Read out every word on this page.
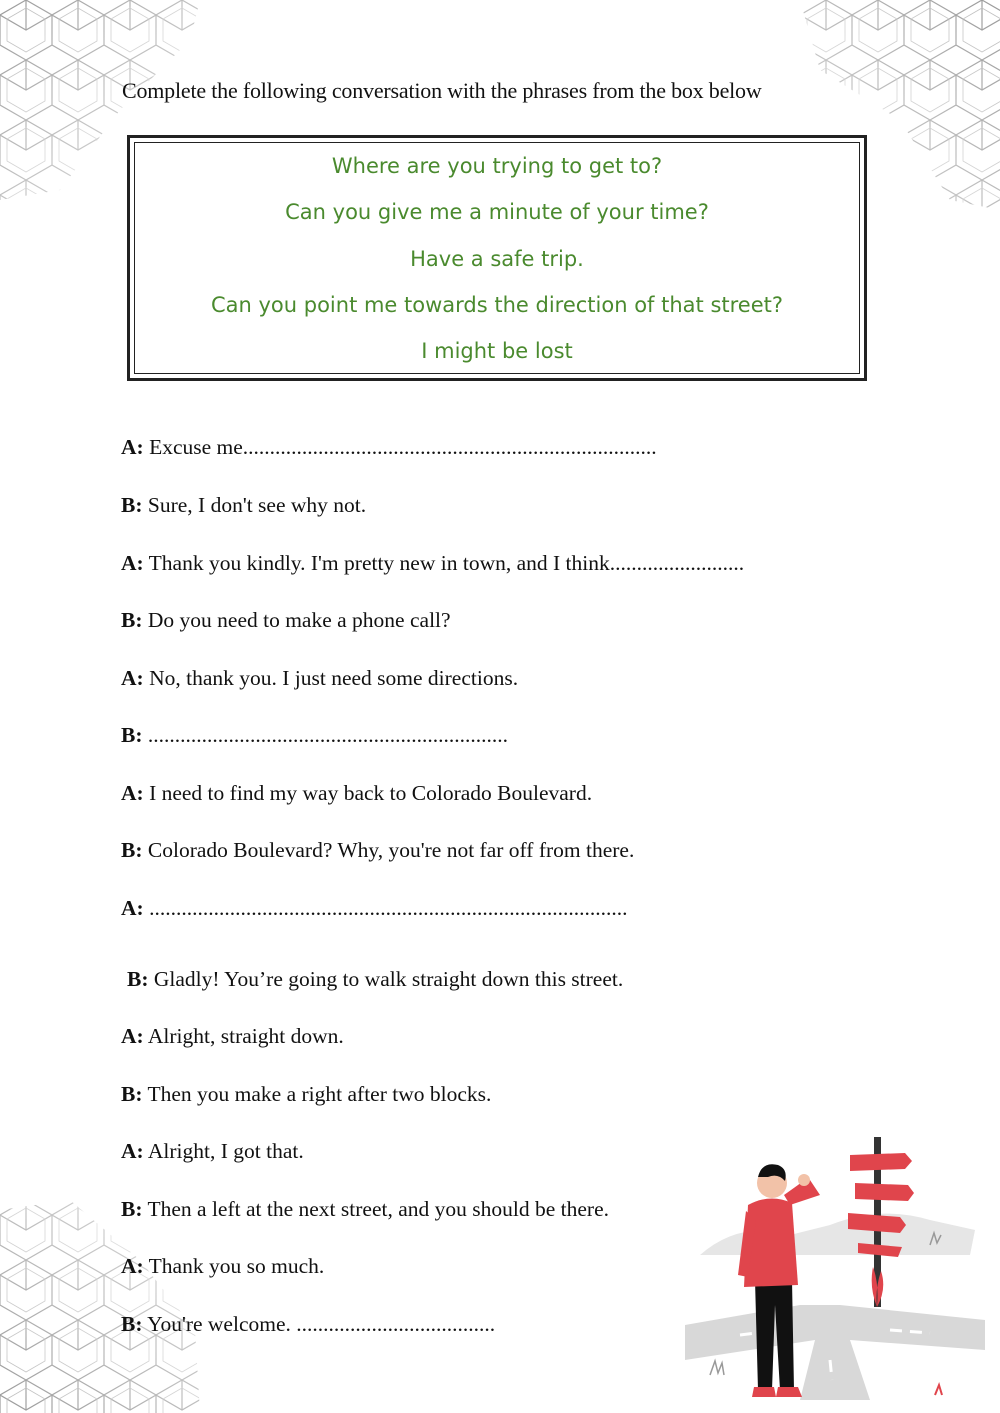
Complete the following conversation with the phrases from the box below
Where are you trying to get to?
Can you give me a minute of your time?
Have a safe trip.
Can you point me towards the direction of that street?
I might be lost
A: Excuse me.............................................................................
B: Sure, I don't see why not.
A: Thank you kindly. I'm pretty new in town, and I think.........................
B: Do you need to make a phone call?
A: No, thank you. I just need some directions.
B: ...................................................................
A: I need to find my way back to Colorado Boulevard.
B: Colorado Boulevard? Why, you're not far off from there.
A: .........................................................................................
B: Gladly! You’re going to walk straight down this street.
A: Alright, straight down.
B: Then you make a right after two blocks.
A: Alright, I got that.
B: Then a left at the next street, and you should be there.
A: Thank you so much.
B: You're welcome. .....................................
